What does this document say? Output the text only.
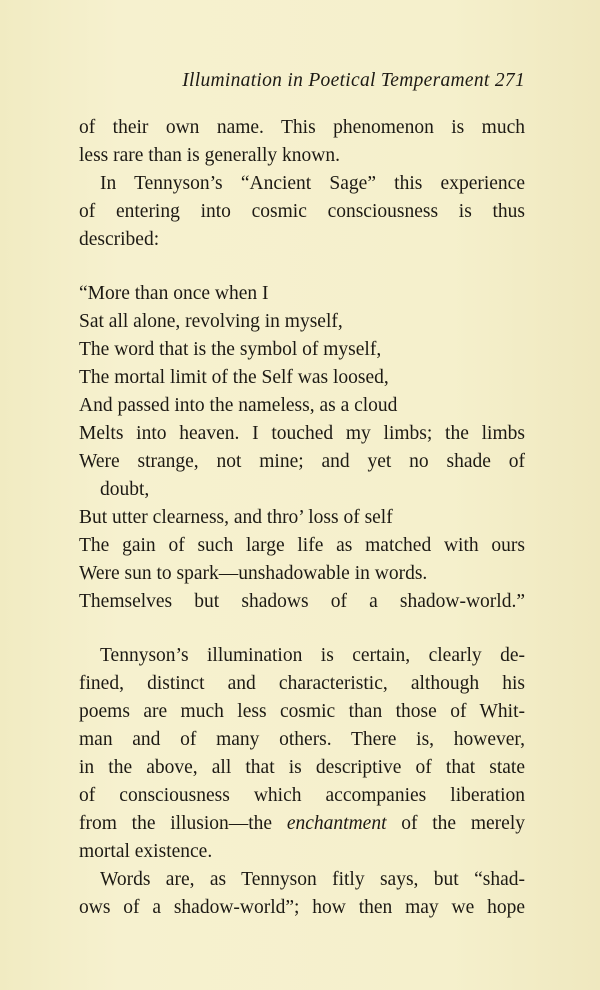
Illumination in Poetical Temperament 271
of their own name. This phenomenon is much
less rare than is generally known.
In Tennyson’s “Ancient Sage” this experience
of entering into cosmic consciousness is thus
described:
“More than once when I
Sat all alone, revolving in myself,
The word that is the symbol of myself,
The mortal limit of the Self was loosed,
And passed into the nameless, as a cloud
Melts into heaven. I touched my limbs; the limbs
Were strange, not mine; and yet no shade of
doubt,
But utter clearness, and thro’ loss of self
The gain of such large life as matched with ours
Were sun to spark—unshadowable in words.
Themselves but shadows of a shadow-world.”
Tennyson’s illumination is certain, clearly de-
fined, distinct and characteristic, although his
poems are much less cosmic than those of Whit-
man and of many others. There is, however,
in the above, all that is descriptive of that state
of consciousness which accompanies liberation
from the illusion—the enchantment of the merely
mortal existence.
Words are, as Tennyson fitly says, but “shad-
ows of a shadow-world”; how then may we hope
